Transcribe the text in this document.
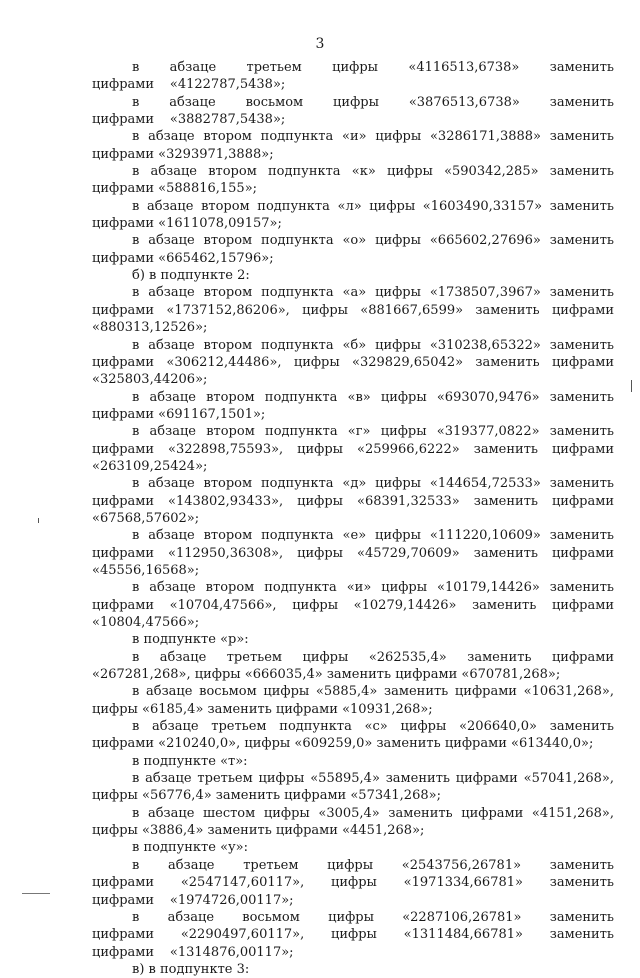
3

в абзаце третьем цифры «4116513,6738» заменить цифрами «4122787,5438»;

в абзаце восьмом цифры «3876513,6738» заменить цифрами «3882787,5438»;

в абзаце втором подпункта «и» цифры «3286171,3888» заменить цифрами «3293971,3888»;

в абзаце втором подпункта «к» цифры «590342,285» заменить цифрами «588816,155»;

в абзаце втором подпункта «л» цифры «1603490,33157» заменить цифрами «1611078,09157»;

в абзаце втором подпункта «о» цифры «665602,27696» заменить цифрами «665462,15796»;

б) в подпункте 2:

в абзаце втором подпункта «а» цифры «1738507,3967» заменить цифрами «1737152,86206», цифры «881667,6599» заменить цифрами «880313,12526»;

в абзаце втором подпункта «б» цифры «310238,65322» заменить цифрами «306212,44486», цифры «329829,65042» заменить цифрами «325803,44206»;

в абзаце втором подпункта «в» цифры «693070,9476» заменить цифрами «691167,1501»;

в абзаце втором подпункта «г» цифры «319377,0822» заменить цифрами «322898,75593», цифры «259966,6222» заменить цифрами «263109,25424»;

в абзаце втором подпункта «д» цифры «144654,72533» заменить цифрами «143802,93433», цифры «68391,32533» заменить цифрами «67568,57602»;

в абзаце втором подпункта «е» цифры «111220,10609» заменить цифрами «112950,36308», цифры «45729,70609» заменить цифрами «45556,16568»;

в абзаце втором подпункта «и» цифры «10179,14426» заменить цифрами «10704,47566», цифры «10279,14426» заменить цифрами «10804,47566»;

в подпункте «р»:

в абзаце третьем цифры «262535,4» заменить цифрами «267281,268», цифры «666035,4» заменить цифрами «670781,268»;

в абзаце восьмом цифры «5885,4» заменить цифрами «10631,268», цифры «6185,4» заменить цифрами «10931,268»;

в абзаце третьем подпункта «с» цифры «206640,0» заменить цифрами «210240,0», цифры «609259,0» заменить цифрами «613440,0»;

в подпункте «т»:

в абзаце третьем цифры «55895,4» заменить цифрами «57041,268», цифры «56776,4» заменить цифрами «57341,268»;

в абзаце шестом цифры «3005,4» заменить цифрами «4151,268», цифры «3886,4» заменить цифрами «4451,268»;

в подпункте «у»:

в абзаце третьем цифры «2543756,26781» заменить цифрами «2547147,60117», цифры «1971334,66781» заменить цифрами «1974726,00117»;

в абзаце восьмом цифры «2287106,26781» заменить цифрами «2290497,60117», цифры «1311484,66781» заменить цифрами «1314876,00117»;

в) в подпункте 3:
